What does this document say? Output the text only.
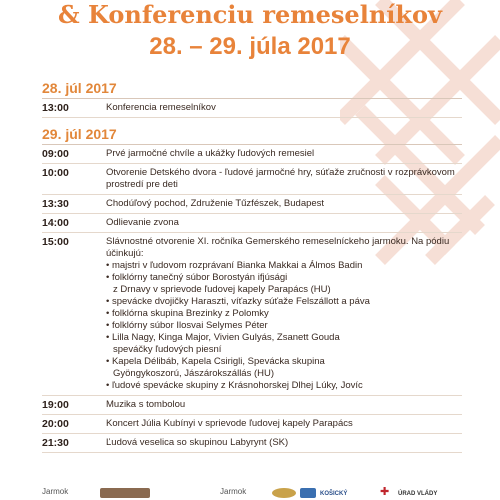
& Konferenciu remeselníkov
28. – 29. júla 2017
28. júl 2017
13:00	Konferencia remeselníkov
29. júl 2017
09:00	Prvé jarmočné chvíle a ukážky ľudových remesiel
10:00	Otvorenie Detského dvora - ľudové jarmočné hry, súťaže zručnosti v rozprávkovom prostredí pre deti
13:30	Chodúľový pochod, Združenie Tűzfészek, Budapest
14:00	Odlievanie zvona
15:00	Slávnostné otvorenie XI. ročníka Gemerského remeselníckeho jarmoku. Na pódiu účinkujú:
• majstri v ľudovom rozprávaní Bianka Makkai a Álmos Badin
• folklórny tanečný súbor Borostyán ifjúsági
z Drnavy v sprievode ľudovej kapely Parapács (HU)
• spevácke dvojičky Haraszti, víťazky súťaže Felszállott a páva
• folklórna skupina Brezinky z Polomky
• folklórny súbor Ilosvai Selymes Péter
• Lilla Nagy, Kinga Major, Vivien Gulyás, Zsanett Gouda
speváčky ľudových piesní
• Kapela Délibáb, Kapela Csirigli, Spevácka skupina
Gyöngykoszorú, Jászárokszállás (HU)
• ľudové spevácke skupiny z Krásnohorskej Dlhej Lúky, Jovíc
19:00	Muzika s tombolou
20:00	Koncert Júlia Kubínyi v sprievode ľudovej kapely Parapács
21:30	Ľudová veselica so skupinou Labyrynt (SK)
Jarmok	Jarmok	KOŠICKÝ	✚ ÚRAD VLÁDY
